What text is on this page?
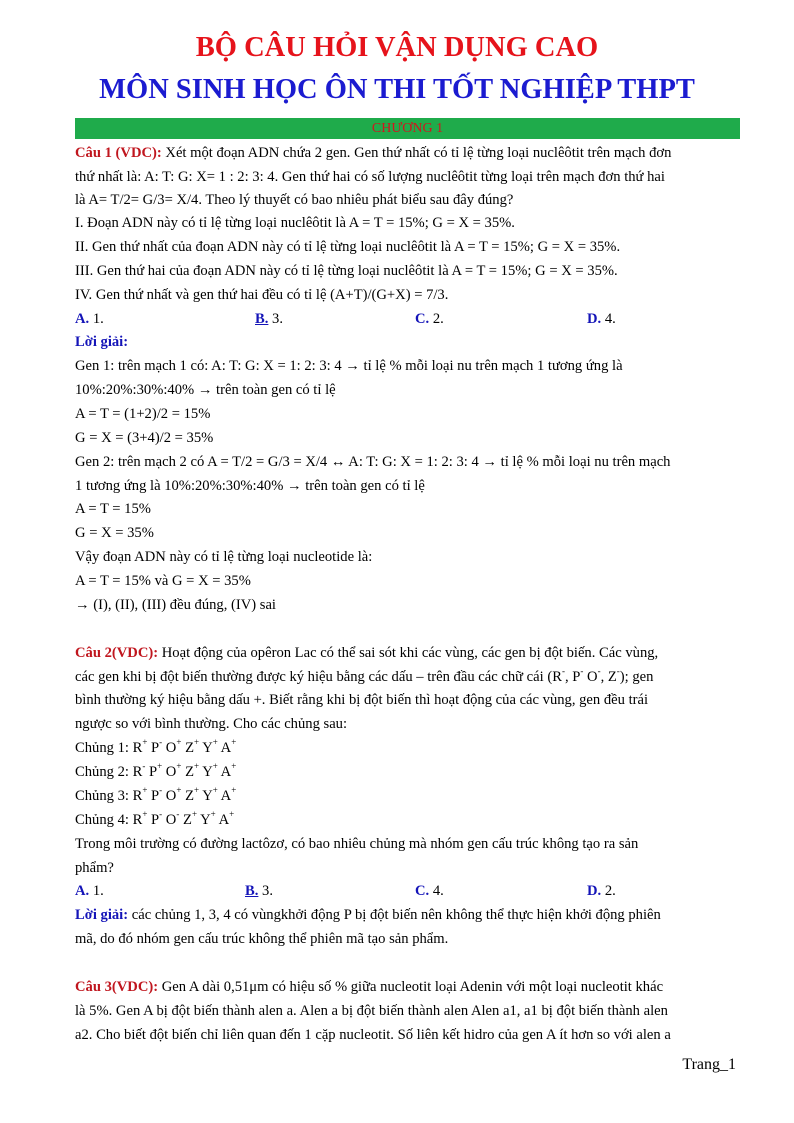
BỘ CÂU HỎI VẬN DỤNG CAO
MÔN SINH HỌC ÔN THI TỐT NGHIỆP THPT
CHƯƠNG 1
Câu 1 (VDC): Xét một đoạn ADN chứa 2 gen. Gen thứ nhất có tỉ lệ từng loại nuclêôtit trên mạch đơn
thứ nhất là: A: T: G: X= 1 : 2: 3: 4. Gen thứ hai có số lượng nuclêôtit từng loại trên mạch đơn thứ hai
là A= T/2= G/3= X/4. Theo lý thuyết có bao nhiêu phát biểu sau đây đúng?
I. Đoạn ADN này có tỉ lệ từng loại nuclêôtit là A = T = 15%; G = X = 35%.
II. Gen thứ nhất của đoạn ADN này có tỉ lệ từng loại nuclêôtit là A = T = 15%; G = X = 35%.
III. Gen thứ hai của đoạn ADN này có tỉ lệ từng loại nuclêôtit là A = T = 15%; G = X = 35%.
IV. Gen thứ nhất và gen thứ hai đều có tỉ lệ (A+T)/(G+X) = 7/3.
A. 1.	B. 3.	C. 2.	D. 4.
Lời giải:
Gen 1: trên mạch 1 có: A: T: G: X = 1: 2: 3: 4 → tỉ lệ % mỗi loại nu trên mạch 1 tương ứng là
10%:20%:30%:40% → trên toàn gen có tỉ lệ
A = T = (1+2)/2 = 15%
G = X = (3+4)/2 = 35%
Gen 2: trên mạch 2 có A = T/2 = G/3 = X/4 ↔ A: T: G: X = 1: 2: 3: 4 → tỉ lệ % mỗi loại nu trên mạch
1 tương ứng là 10%:20%:30%:40% → trên toàn gen có tỉ lệ
A = T = 15%
G = X = 35%
Vậy đoạn ADN này có tỉ lệ từng loại nucleotide là:
A = T = 15% và G = X = 35%
→ (I), (II), (III) đều đúng, (IV) sai
Câu 2(VDC): Hoạt động của opêron Lac có thể sai sót khi các vùng, các gen bị đột biến. Các vùng,
các gen khi bị đột biến thường được ký hiệu bằng các dấu – trên đầu các chữ cái (R-, P- O-, Z-); gen
bình thường ký hiệu bằng dấu +. Biết rằng khi bị đột biến thì hoạt động của các vùng, gen đều trái
ngược so với bình thường. Cho các chủng sau:
Chủng 1: R+ P- O+ Z+ Y+ A+
Chủng 2: R- P+ O+ Z+ Y+ A+
Chủng 3: R+ P- O+ Z+ Y+ A+
Chủng 4: R+ P- O- Z+ Y+ A+
Trong môi trường có đường lactôzơ, có bao nhiêu chủng mà nhóm gen cấu trúc không tạo ra sản
phẩm?
A. 1.	B. 3.	C. 4.	D. 2.
Lời giải: các chủng 1, 3, 4 có vùngkhởi động P bị đột biến nên không thể thực hiện khởi động phiên
mã, do đó nhóm gen cấu trúc không thể phiên mã tạo sản phẩm.
Câu 3(VDC): Gen A dài 0,51μm có hiệu số % giữa nucleotit loại Adenin với một loại nucleotit khác
là 5%. Gen A bị đột biến thành alen a. Alen a bị đột biến thành alen Alen a1, a1 bị đột biến thành alen
a2. Cho biết đột biến chỉ liên quan đến 1 cặp nucleotit. Số liên kết hidro của gen A ít hơn so với alen a
Trang_1
